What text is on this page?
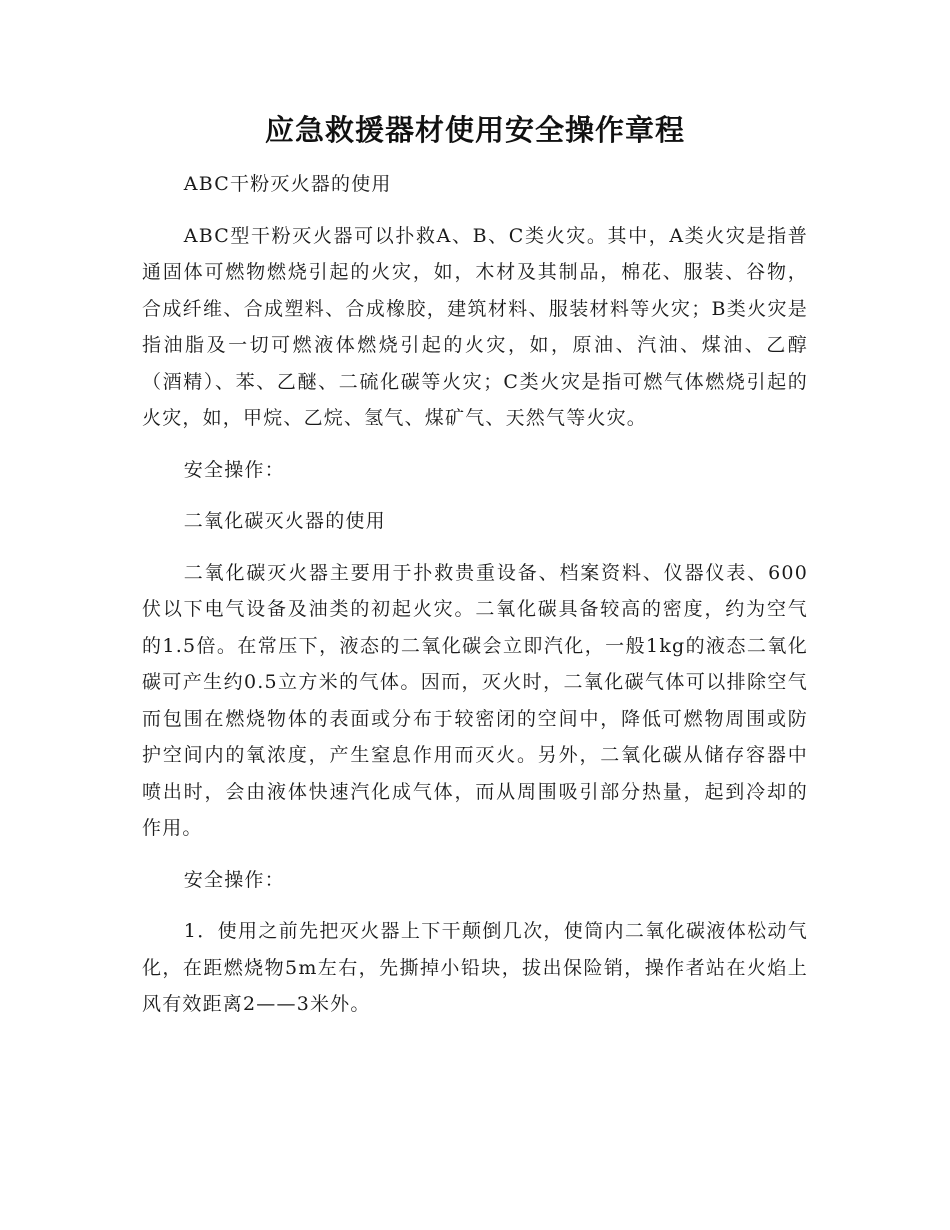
应急救援器材使用安全操作章程

ABC干粉灭火器的使用

ABC型干粉灭火器可以扑救A、B、C类火灾。其中，A类火灾是指普通固体可燃物燃烧引起的火灾，如，木材及其制品，棉花、服装、谷物，合成纤维、合成塑料、合成橡胶，建筑材料、服装材料等火灾；B类火灾是指油脂及一切可燃液体燃烧引起的火灾，如，原油、汽油、煤油、乙醇（酒精）、苯、乙醚、二硫化碳等火灾；C类火灾是指可燃气体燃烧引起的火灾，如，甲烷、乙烷、氢气、煤矿气、天然气等火灾。

安全操作：

二氧化碳灭火器的使用

二氧化碳灭火器主要用于扑救贵重设备、档案资料、仪器仪表、600伏以下电气设备及油类的初起火灾。二氧化碳具备较高的密度，约为空气的1.5倍。在常压下，液态的二氧化碳会立即汽化，一般1kg的液态二氧化碳可产生约0.5立方米的气体。因而，灭火时，二氧化碳气体可以排除空气而包围在燃烧物体的表面或分布于较密闭的空间中，降低可燃物周围或防护空间内的氧浓度，产生窒息作用而灭火。另外，二氧化碳从储存容器中喷出时，会由液体快速汽化成气体，而从周围吸引部分热量，起到冷却的作用。

安全操作：

1．使用之前先把灭火器上下干颠倒几次，使筒内二氧化碳液体松动气化，在距燃烧物5m左右，先撕掉小铅块，拔出保险销，操作者站在火焰上风有效距离2——3米外。
